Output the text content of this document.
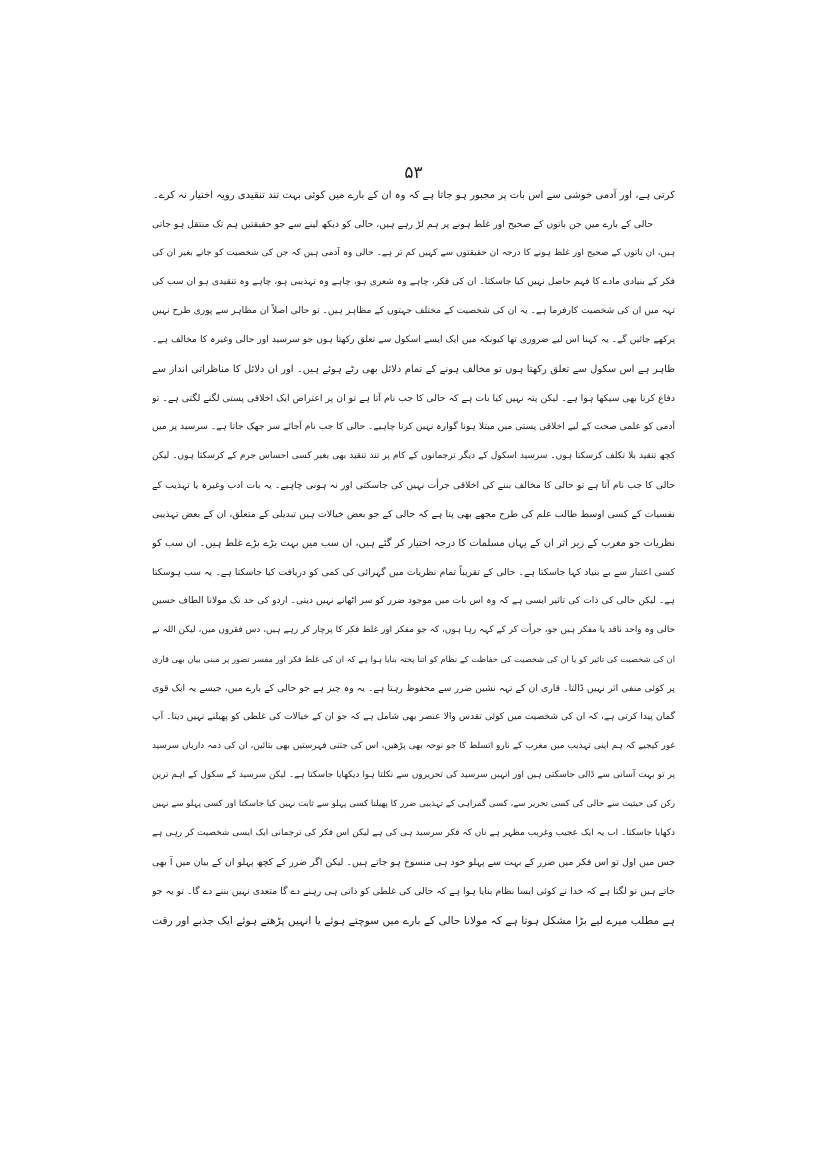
۵۳
کرتی ہے، اور آدمی خوشی سے اس بات پر مجبور ہو جاتا ہے کہ وہ ان کے بارے میں کوئی بہت تند تنقیدی رویہ اختیار نہ کرے۔
حالی کے بارے میں جن باتوں کے صحیح اور غلط ہونے پر ہم لڑ رہے ہیں، حالی کو دیکھ لینے سے جو حقیقتیں ہم تک منتقل ہو جاتی
ہیں، ان باتوں کے صحیح اور غلط ہونے کا درجہ ان حقیقتوں سے کہیں کم تر ہے۔ حالی وہ آدمی ہیں کہ جن کی شخصیت کو جانے بغیر ان کی
فکر کے بنیادی مادے کا فہم حاصل نہیں کیا جاسکتا۔ ان کی فکر، چاہے وہ شعری ہو، چاہے وہ تہذیبی ہو، چاہے وہ تنقیدی ہو ان سب کی
تہہ میں ان کی شخصیت کارفرما ہے۔ یہ ان کی شخصیت کے مختلف جہتوں کے مظاہر ہیں۔ تو حالی اصلاً ان مظاہر سے پوری طرح نہیں
پرکھے جائیں گے۔ یہ کہنا اس لیے ضروری تھا کیونکہ میں ایک ایسے اسکول سے تعلق رکھتا ہوں جو سرسید اور حالی وغیرہ کا مخالف ہے۔
ظاہر ہے اس سکول سے تعلق رکھتا ہوں تو مخالف ہونے کے تمام دلائل بھی رٹے ہوئے ہیں۔ اور ان دلائل کا مناظراتی انداز سے
دفاع کرنا بھی سیکھا ہوا ہے۔ لیکن پتہ نہیں کیا بات ہے کہ حالی کا جب نام آتا ہے تو ان پر اعتراض ایک اخلاقی پستی لگنے لگتی ہے۔ تو
آدمی کو علمی صحت کے لیے اخلاقی پستی میں مبتلا ہونا گوارہ نہیں کرنا چاہیے۔ حالی کا جب نام آجائے سر جھک جاتا ہے۔ سرسید پر میں
کچھ تنقید بلا تکلف کرسکتا ہوں۔ سرسید اسکول کے دیگر ترجمانوں کے کام پر تند تنقید بھی بغیر کسی احساس جرم کے کرسکتا ہوں۔ لیکن
حالی کا جب نام آتا ہے تو حالی کا مخالف بننے کی اخلاقی جرأت نہیں کی جاسکتی اور نہ ہونی چاہیے۔ یہ بات ادب وغیرہ یا تہذیب کے
نفسیات کے کسی اوسط طالب علم کی طرح مجھے بھی پتا ہے کہ حالی کے جو بعض خیالات ہیں تبدیلی کے متعلق، ان کے بعض تہذیبی
نظریات جو مغرب کے زیر اثر ان کے یہاں مسلمات کا درجہ اختیار کر گئے ہیں، ان سب میں بہت بڑے بڑے غلط ہیں۔ ان سب کو
کسی اعتبار سے بے بنیاد کہا جاسکتا ہے۔ حالی کے تقریباً تمام نظریات میں گہرائی کی کمی کو دریافت کیا جاسکتا ہے۔ یہ سب ہوسکتا
ہے۔ لیکن حالی کی ذات کی تاثیر ایسی ہے کہ وہ اس بات میں موجود ضرر کو سر اٹھانے نہیں دیتی۔ اردو کی حد تک مولانا الطاف حسین
حالی وہ واحد ناقد یا مفکر ہیں جو، جرأت کر کے کہہ رہا ہوں، کہ جو مفکر اور غلط فکر کا پرچار کر رہے ہیں، دس فقروں میں، لیکن اللہ نے
ان کی شخصیت کی تاثیر کو یا ان کی شخصیت کی حفاظت کے نظام کو اتنا پختہ بنایا ہوا ہے کہ ان کی غلط فکر اور مفسر تصور پر مبنی بیان بھی قاری
پر کوئی منفی اثر نہیں ڈالتا۔ قاری ان کے تہہ نشین ضرر سے محفوظ رہتا ہے۔ یہ وہ چیز ہے جو حالی کے بارے میں، جیسے یہ ایک قوی
گمان پیدا کرتی ہے، کہ ان کی شخصیت میں کوئی تقدس والا عنصر بھی شامل ہے کہ جو ان کے خیالات کی غلطی کو پھیلنے نہیں دیتا۔ آپ
غور کیجیے کہ ہم اپنی تہذیب میں مغرب کے نارو اتسلط کا جو نوحہ بھی پڑھیں، اس کی جتنی فہرستیں بھی بتائیں، ان کی ذمہ داریاں سرسید
پر تو بہت آسانی سے ڈالی جاسکتی ہیں اور انہیں سرسید کی تحریروں سے نکلتا ہوا دیکھایا جاسکتا ہے۔ لیکن سرسید کے سکول کے اہم ترین
رکن کی حیثیت سے حالی کی کسی تحریر سے، کسی گمراہی کے تہذیبی ضرر کا پھیلنا کسی پہلو سے ثابت نہیں کیا جاسکتا اور کسی پہلو سے نہیں
دکھایا جاسکتا۔ اب یہ ایک عجیب وغریب مظہر ہے ناں کہ فکر سرسید ہی کی ہے لیکن اس فکر کی ترجمانی ایک ایسی شخصیت کر رہی ہے
جس میں اول تو اس فکر میں ضرر کے بہت سے پہلو خود ہی منسوخ ہو جاتے ہیں۔ لیکن اگر ضرر کے کچھ پہلو ان کے بیان میں آ بھی
جاتے ہیں تو لگتا ہے کہ خدا نے کوئی ایسا نظام بنایا ہوا ہے کہ حالی کی غلطی کو ذاتی ہی رہنے دے گا متعدی نہیں بننے دے گا۔ تو یہ جو
ہے مطلب میرے لیے بڑا مشکل ہوتا ہے کہ مولانا حالی کے بارے میں سوچتے ہوئے یا انہیں پڑھتے ہوئے ایک جذبے اور رقت
